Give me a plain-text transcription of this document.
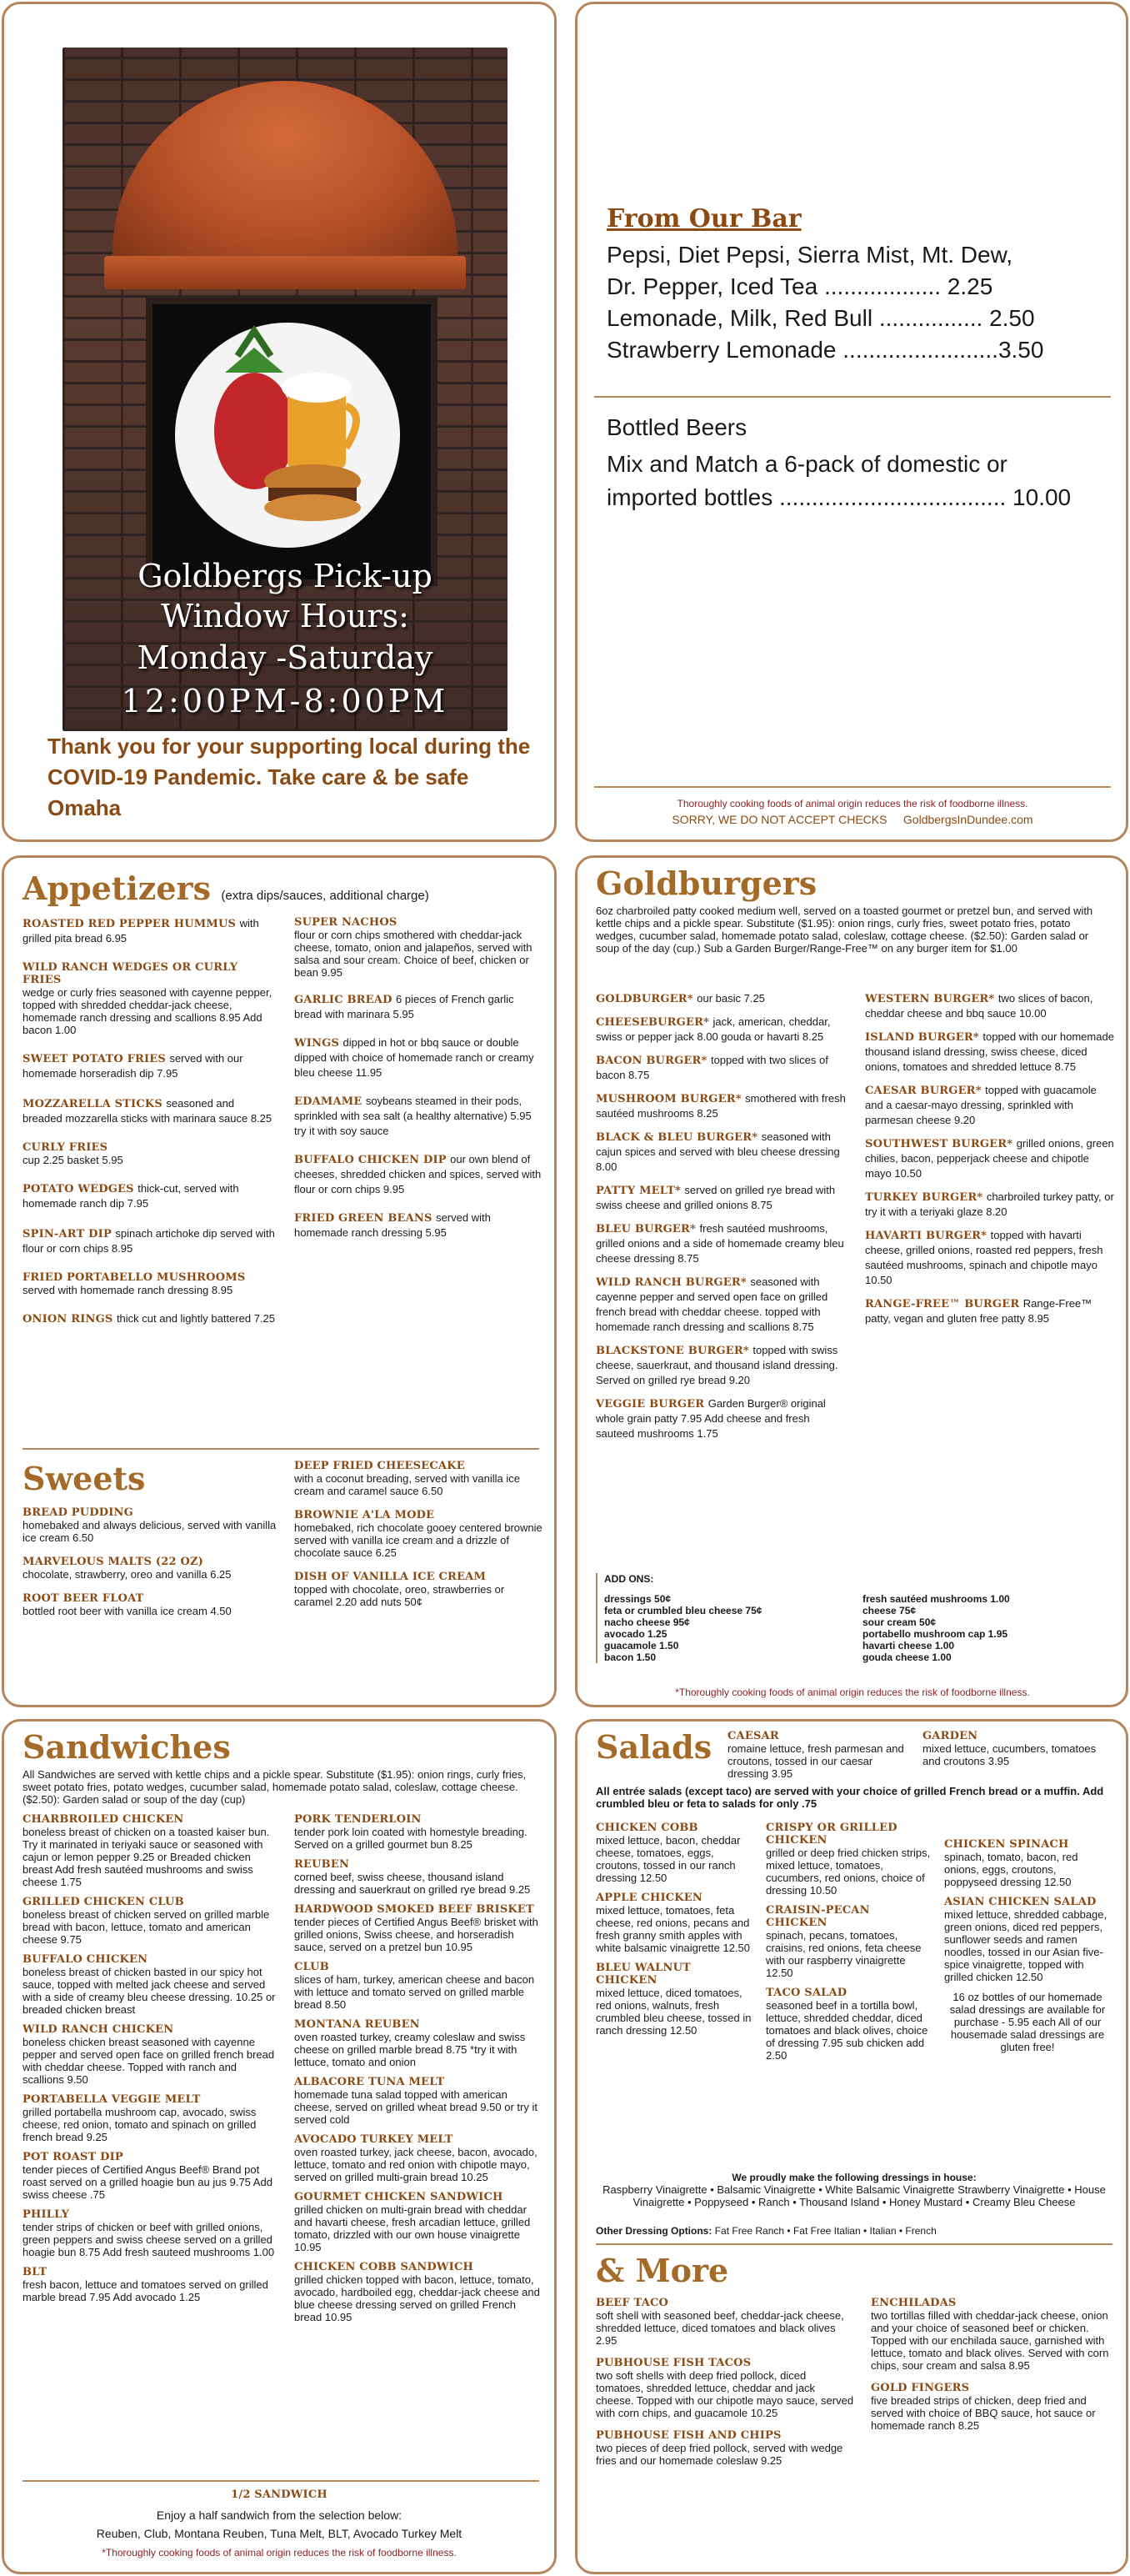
Goldbergs Pick-up
Window Hours:
Monday -Saturday
12:00PM-8:00PM
Thank you for your supporting local during the COVID-19 Pandemic. Take care & be safe Omaha
From Our Bar
Pepsi, Diet Pepsi, Sierra Mist, Mt. Dew,
Dr. Pepper, Iced Tea .................. 2.25
Lemonade, Milk, Red Bull ................ 2.50
Strawberry Lemonade ........................3.50
Bottled Beers
Mix and Match a 6-pack of domestic or
imported bottles ................................... 10.00
Thoroughly cooking foods of animal origin reduces the risk of foodborne illness.
SORRY, WE DO NOT ACCEPT CHECKS GoldbergsInDundee.com
Appetizers (extra dips/sauces, additional charge)
ROASTED RED PEPPER HUMMUS with grilled pita bread 6.95
WILD RANCH WEDGES OR CURLY FRIES
wedge or curly fries seasoned with cayenne pepper, topped with shredded cheddar-jack cheese, homemade ranch dressing and scallions 8.95 Add bacon 1.00
SWEET POTATO FRIES served with our homemade horseradish dip 7.95
MOZZARELLA STICKS seasoned and breaded mozzarella sticks with marinara sauce 8.25
CURLY FRIES
cup 2.25 basket 5.95
POTATO WEDGES thick-cut, served with homemade ranch dip 7.95
SPIN-ART DIP spinach artichoke dip served with flour or corn chips 8.95
FRIED PORTABELLO MUSHROOMS
served with homemade ranch dressing 8.95
ONION RINGS thick cut and lightly battered 7.25
SUPER NACHOS
flour or corn chips smothered with cheddar-jack cheese, tomato, onion and jalapeños, served with salsa and sour cream. Choice of beef, chicken or bean 9.95
GARLIC BREAD 6 pieces of French garlic bread with marinara 5.95
WINGS dipped in hot or bbq sauce or double dipped with choice of homemade ranch or creamy bleu cheese 11.95
EDAMAME soybeans steamed in their pods, sprinkled with sea salt (a healthy alternative) 5.95 try it with soy sauce
BUFFALO CHICKEN DIP our own blend of cheeses, shredded chicken and spices, served with flour or corn chips 9.95
FRIED GREEN BEANS served with homemade ranch dressing 5.95
Sweets
BREAD PUDDING
homebaked and always delicious, served with vanilla ice cream 6.50
MARVELOUS MALTS (22 OZ)
chocolate, strawberry, oreo and vanilla 6.25
ROOT BEER FLOAT
bottled root beer with vanilla ice cream 4.50
DEEP FRIED CHEESECAKE
with a coconut breading, served with vanilla ice cream and caramel sauce 6.50
BROWNIE A'LA MODE
homebaked, rich chocolate gooey centered brownie served with vanilla ice cream and a drizzle of chocolate sauce 6.25
DISH OF VANILLA ICE CREAM
topped with chocolate, oreo, strawberries or caramel 2.20 add nuts 50¢
Goldburgers
6oz charbroiled patty cooked medium well, served on a toasted gourmet or pretzel bun, and served with kettle chips and a pickle spear. Substitute ($1.95): onion rings, curly fries, sweet potato fries, potato wedges, cucumber salad, homemade potato salad, coleslaw, cottage cheese. ($2.50): Garden salad or soup of the day (cup.) Sub a Garden Burger/Range-Free™ on any burger item for $1.00
GOLDBURGER* our basic 7.25
CHEESEBURGER* jack, american, cheddar, swiss or pepper jack 8.00 gouda or havarti 8.25
BACON BURGER* topped with two slices of bacon 8.75
MUSHROOM BURGER* smothered with fresh sautéed mushrooms 8.25
BLACK & BLEU BURGER* seasoned with cajun spices and served with bleu cheese dressing 8.00
PATTY MELT* served on grilled rye bread with swiss cheese and grilled onions 8.75
BLEU BURGER* fresh sautéed mushrooms, grilled onions and a side of homemade creamy bleu cheese dressing 8.75
WILD RANCH BURGER* seasoned with cayenne pepper and served open face on grilled french bread with cheddar cheese. topped with homemade ranch dressing and scallions 8.75
BLACKSTONE BURGER* topped with swiss cheese, sauerkraut, and thousand island dressing. Served on grilled rye bread 9.20
VEGGIE BURGER Garden Burger® original whole grain patty 7.95 Add cheese and fresh sauteed mushrooms 1.75
WESTERN BURGER* two slices of bacon, cheddar cheese and bbq sauce 10.00
ISLAND BURGER* topped with our homemade thousand island dressing, swiss cheese, diced onions, tomatoes and shredded lettuce 8.75
CAESAR BURGER* topped with guacamole and a caesar-mayo dressing, sprinkled with parmesan cheese 9.20
SOUTHWEST BURGER* grilled onions, green chilies, bacon, pepperjack cheese and chipotle mayo 10.50
TURKEY BURGER* charbroiled turkey patty, or try it with a teriyaki glaze 8.20
HAVARTI BURGER* topped with havarti cheese, grilled onions, roasted red peppers, fresh sautéed mushrooms, spinach and chipotle mayo 10.50
RANGE-FREE™ BURGER Range-Free™ patty, vegan and gluten free patty 8.95
ADD ONS:
dressings 50¢
feta or crumbled bleu cheese 75¢
nacho cheese 95¢
avocado 1.25
guacamole 1.50
bacon 1.50
fresh sautéed mushrooms 1.00
cheese 75¢
sour cream 50¢
portabello mushroom cap 1.95
havarti cheese 1.00
gouda cheese 1.00
*Thoroughly cooking foods of animal origin reduces the risk of foodborne illness.
Sandwiches
All Sandwiches are served with kettle chips and a pickle spear. Substitute ($1.95): onion rings, curly fries, sweet potato fries, potato wedges, cucumber salad, homemade potato salad, coleslaw, cottage cheese. ($2.50): Garden salad or soup of the day (cup)
CHARBROILED CHICKEN
boneless breast of chicken on a toasted kaiser bun. Try it marinated in teriyaki sauce or seasoned with cajun or lemon pepper 9.25 or Breaded chicken breast Add fresh sautéed mushrooms and swiss cheese 1.75
GRILLED CHICKEN CLUB
boneless breast of chicken served on grilled marble bread with bacon, lettuce, tomato and american cheese 9.75
BUFFALO CHICKEN
boneless breast of chicken basted in our spicy hot sauce, topped with melted jack cheese and served with a side of creamy bleu cheese dressing. 10.25 or breaded chicken breast
WILD RANCH CHICKEN
boneless chicken breast seasoned with cayenne pepper and served open face on grilled french bread with cheddar cheese. Topped with ranch and scallions 9.50
PORTABELLA VEGGIE MELT
grilled portabella mushroom cap, avocado, swiss cheese, red onion, tomato and spinach on grilled french bread 9.25
POT ROAST DIP
tender pieces of Certified Angus Beef® Brand pot roast served on a grilled hoagie bun au jus 9.75 Add swiss cheese .75
PHILLY
tender strips of chicken or beef with grilled onions, green peppers and swiss cheese served on a grilled hoagie bun 8.75 Add fresh sauteed mushrooms 1.00
BLT
fresh bacon, lettuce and tomatoes served on grilled marble bread 7.95 Add avocado 1.25
PORK TENDERLOIN
tender pork loin coated with homestyle breading. Served on a grilled gourmet bun 8.25
REUBEN
corned beef, swiss cheese, thousand island dressing and sauerkraut on grilled rye bread 9.25
HARDWOOD SMOKED BEEF BRISKET
tender pieces of Certified Angus Beef® brisket with grilled onions, Swiss cheese, and horseradish sauce, served on a pretzel bun 10.95
CLUB
slices of ham, turkey, american cheese and bacon with lettuce and tomato served on grilled marble bread 8.50
MONTANA REUBEN
oven roasted turkey, creamy coleslaw and swiss cheese on grilled marble bread 8.75 *try it with lettuce, tomato and onion
ALBACORE TUNA MELT
homemade tuna salad topped with american cheese, served on grilled wheat bread 9.50 or try it served cold
AVOCADO TURKEY MELT
oven roasted turkey, jack cheese, bacon, avocado, lettuce, tomato and red onion with chipotle mayo, served on grilled multi-grain bread 10.25
GOURMET CHICKEN SANDWICH
grilled chicken on multi-grain bread with cheddar and havarti cheese, fresh arcadian lettuce, grilled tomato, drizzled with our own house vinaigrette 10.95
CHICKEN COBB SANDWICH
grilled chicken topped with bacon, lettuce, tomato, avocado, hardboiled egg, cheddar-jack cheese and blue cheese dressing served on grilled French bread 10.95
1/2 SANDWICH
Enjoy a half sandwich from the selection below:
Reuben, Club, Montana Reuben, Tuna Melt, BLT, Avocado Turkey Melt
*Thoroughly cooking foods of animal origin reduces the risk of foodborne illness.
Salads CAESAR
romaine lettuce, fresh parmesan and croutons, tossed in our caesar dressing 3.95
GARDEN
mixed lettuce, cucumbers, tomatoes and croutons 3.95
All entrée salads (except taco) are served with your choice of grilled French bread or a muffin. Add crumbled bleu or feta to salads for only .75
CHICKEN COBB
mixed lettuce, bacon, cheddar cheese, tomatoes, eggs, croutons, tossed in our ranch dressing 12.50
APPLE CHICKEN
mixed lettuce, tomatoes, feta cheese, red onions, pecans and fresh granny smith apples with white balsamic vinaigrette 12.50
BLEU WALNUT CHICKEN
mixed lettuce, diced tomatoes, red onions, walnuts, fresh crumbled bleu cheese, tossed in ranch dressing 12.50
CRISPY OR GRILLED CHICKEN
grilled or deep fried chicken strips, mixed lettuce, tomatoes, cucumbers, red onions, choice of dressing 10.50
CRAISIN-PECAN CHICKEN
spinach, pecans, tomatoes, craisins, red onions, feta cheese with our raspberry vinaigrette 12.50
TACO SALAD
seasoned beef in a tortilla bowl, lettuce, shredded cheddar, diced tomatoes and black olives, choice of dressing 7.95 sub chicken add 2.50
CHICKEN SPINACH
spinach, tomato, bacon, red onions, eggs, croutons, poppyseed dressing 12.50
ASIAN CHICKEN SALAD
mixed lettuce, shredded cabbage, green onions, diced red peppers, sunflower seeds and ramen noodles, tossed in our Asian five-spice vinaigrette, topped with grilled chicken 12.50
16 oz bottles of our homemade salad dressings are available for purchase - 5.95 each All of our housemade salad dressings are gluten free!
We proudly make the following dressings in house:
Raspberry Vinaigrette • Balsamic Vinaigrette • White Balsamic Vinaigrette Strawberry Vinaigrette • House Vinaigrette • Poppyseed • Ranch • Thousand Island • Honey Mustard • Creamy Bleu Cheese
Other Dressing Options: Fat Free Ranch • Fat Free Italian • Italian • French
& More
BEEF TACO
soft shell with seasoned beef, cheddar-jack cheese, shredded lettuce, diced tomatoes and black olives 2.95
PUBHOUSE FISH TACOS
two soft shells with deep fried pollock, diced tomatoes, shredded lettuce, cheddar and jack cheese. Topped with our chipotle mayo sauce, served with corn chips, and guacamole 10.25
PUBHOUSE FISH AND CHIPS
two pieces of deep fried pollock, served with wedge fries and our homemade coleslaw 9.25
ENCHILADAS
two tortillas filled with cheddar-jack cheese, onion and your choice of seasoned beef or chicken. Topped with our enchilada sauce, garnished with lettuce, tomato and black olives. Served with corn chips, sour cream and salsa 8.95
GOLD FINGERS
five breaded strips of chicken, deep fried and served with choice of BBQ sauce, hot sauce or homemade ranch 8.25
